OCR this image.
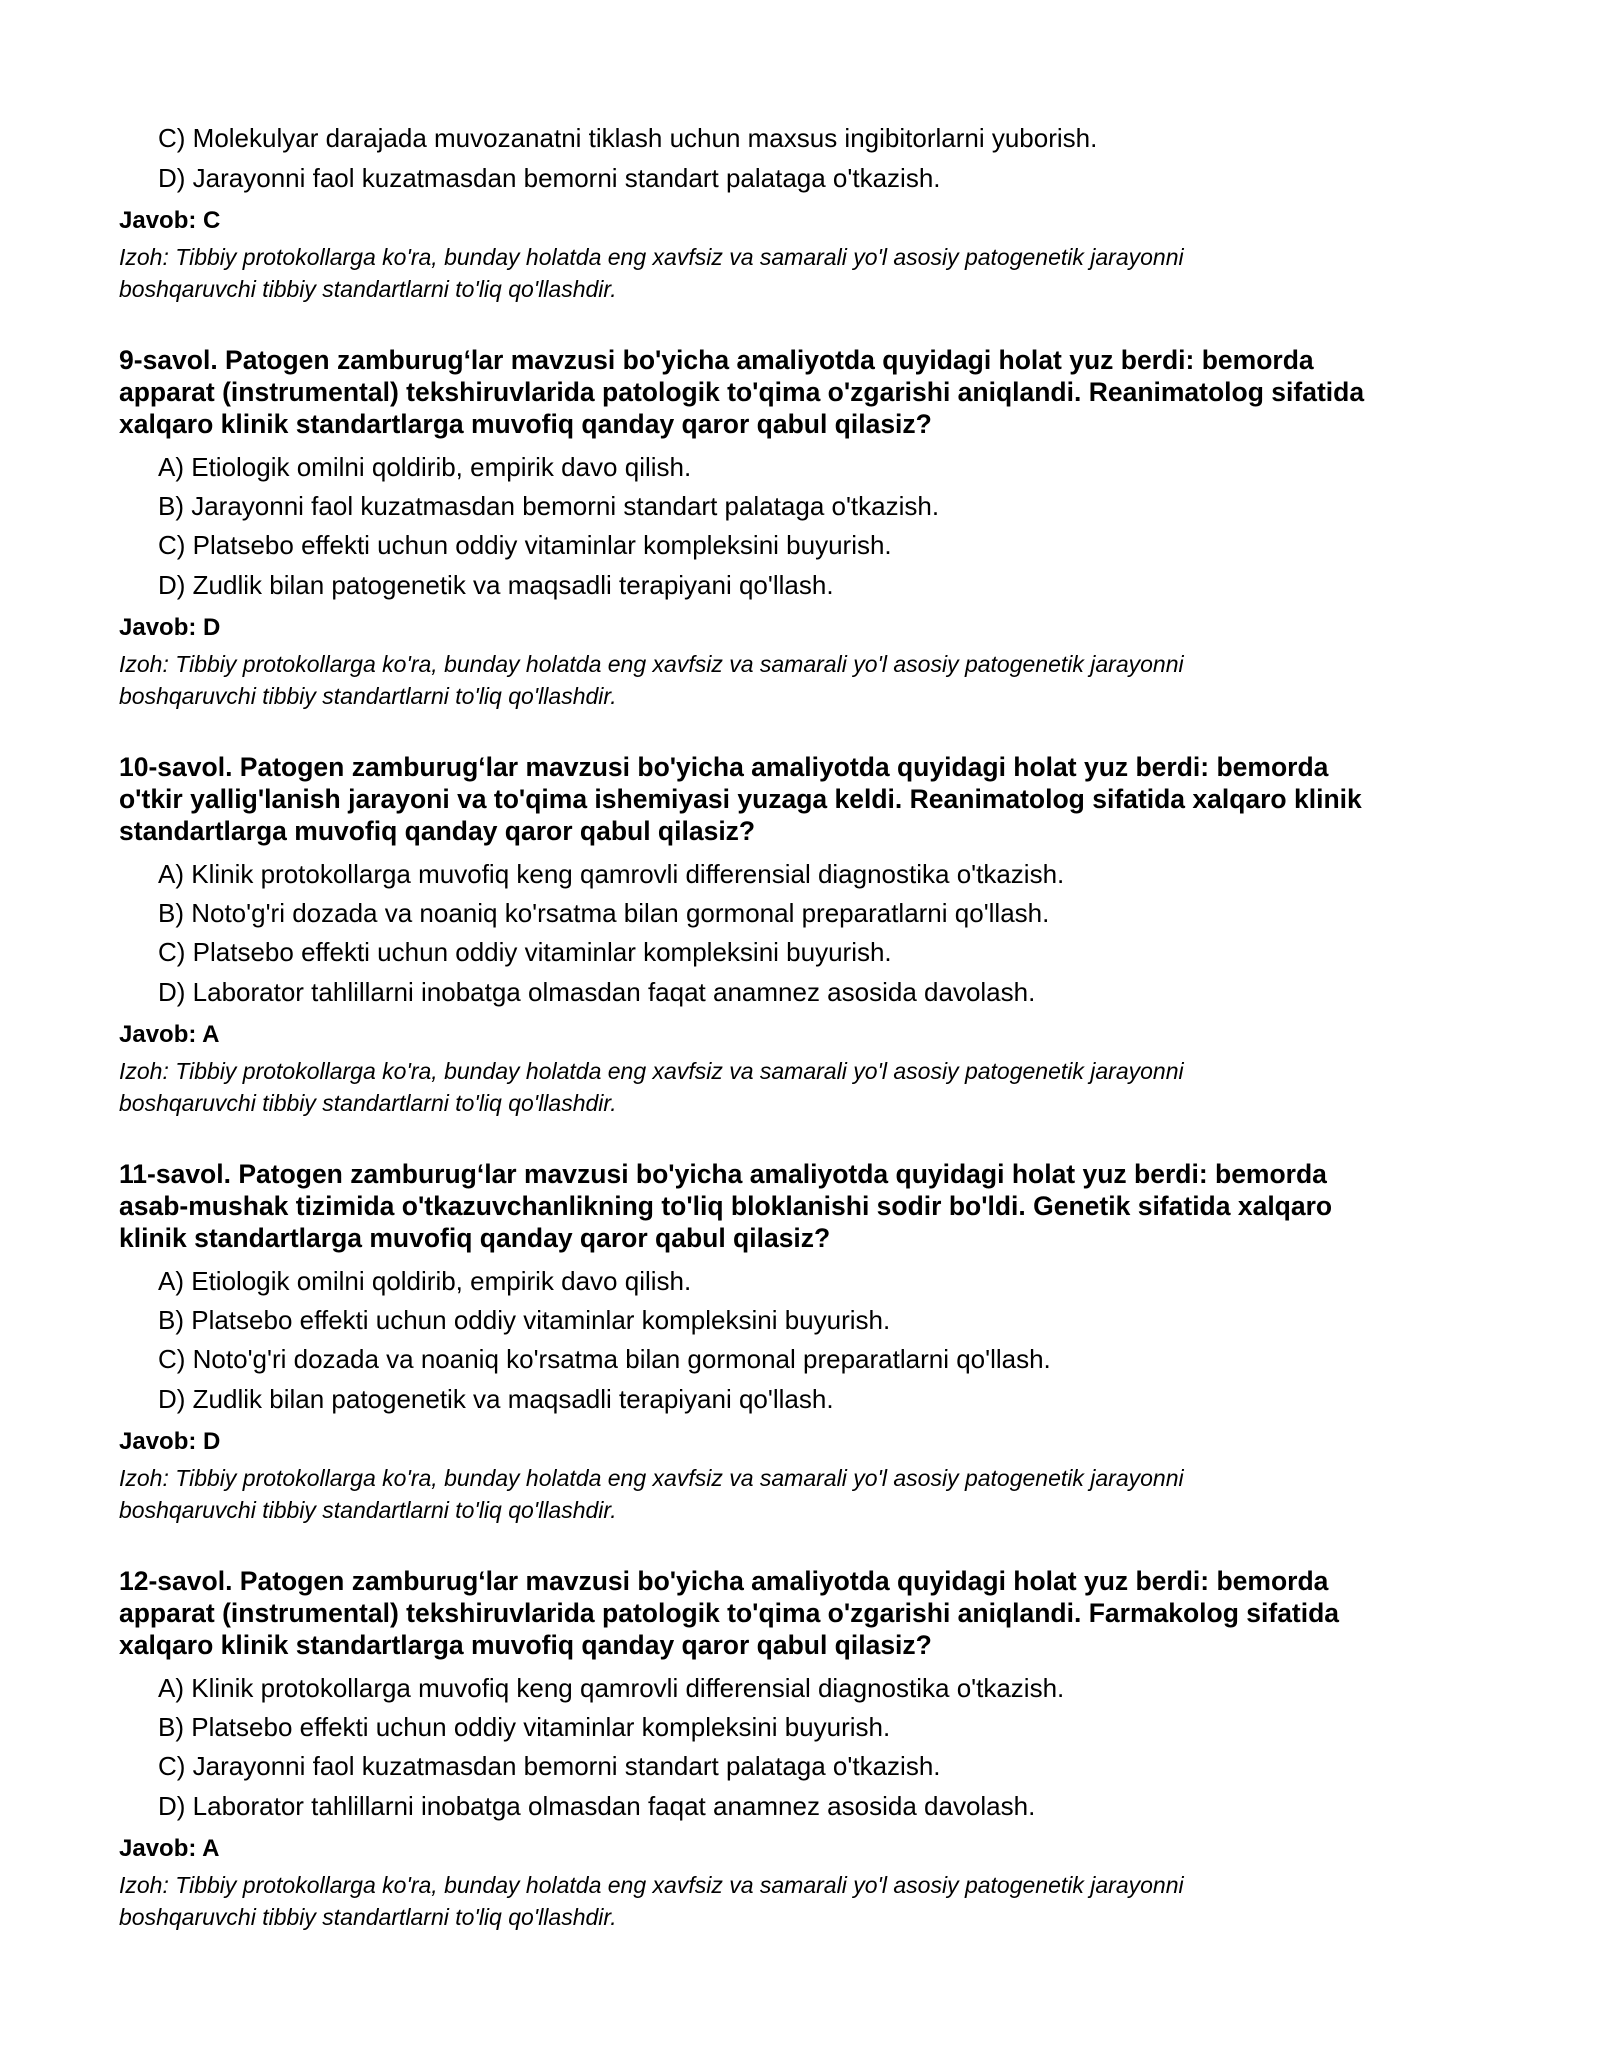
C) Molekulyar darajada muvozanatni tiklash uchun maxsus ingibitorlarni yuborish.
D) Jarayonni faol kuzatmasdan bemorni standart palataga o'tkazish.
Javob: C
Izoh: Tibbiy protokollarga ko'ra, bunday holatda eng xavfsiz va samarali yo'l asosiy patogenetik jarayonni
boshqaruvchi tibbiy standartlarni to'liq qo'llashdir.
9-savol. Patogen zamburug‘lar mavzusi bo'yicha amaliyotda quyidagi holat yuz berdi: bemorda
apparat (instrumental) tekshiruvlarida patologik to'qima o'zgarishi aniqlandi. Reanimatolog sifatida
xalqaro klinik standartlarga muvofiq qanday qaror qabul qilasiz?
A) Etiologik omilni qoldirib, empirik davo qilish.
B) Jarayonni faol kuzatmasdan bemorni standart palataga o'tkazish.
C) Platsebo effekti uchun oddiy vitaminlar kompleksini buyurish.
D) Zudlik bilan patogenetik va maqsadli terapiyani qo'llash.
Javob: D
Izoh: Tibbiy protokollarga ko'ra, bunday holatda eng xavfsiz va samarali yo'l asosiy patogenetik jarayonni
boshqaruvchi tibbiy standartlarni to'liq qo'llashdir.
10-savol. Patogen zamburug‘lar mavzusi bo'yicha amaliyotda quyidagi holat yuz berdi: bemorda
o'tkir yallig'lanish jarayoni va to'qima ishemiyasi yuzaga keldi. Reanimatolog sifatida xalqaro klinik
standartlarga muvofiq qanday qaror qabul qilasiz?
A) Klinik protokollarga muvofiq keng qamrovli differensial diagnostika o'tkazish.
B) Noto'g'ri dozada va noaniq ko'rsatma bilan gormonal preparatlarni qo'llash.
C) Platsebo effekti uchun oddiy vitaminlar kompleksini buyurish.
D) Laborator tahlillarni inobatga olmasdan faqat anamnez asosida davolash.
Javob: A
Izoh: Tibbiy protokollarga ko'ra, bunday holatda eng xavfsiz va samarali yo'l asosiy patogenetik jarayonni
boshqaruvchi tibbiy standartlarni to'liq qo'llashdir.
11-savol. Patogen zamburug‘lar mavzusi bo'yicha amaliyotda quyidagi holat yuz berdi: bemorda
asab-mushak tizimida o'tkazuvchanlikning to'liq bloklanishi sodir bo'ldi. Genetik sifatida xalqaro
klinik standartlarga muvofiq qanday qaror qabul qilasiz?
A) Etiologik omilni qoldirib, empirik davo qilish.
B) Platsebo effekti uchun oddiy vitaminlar kompleksini buyurish.
C) Noto'g'ri dozada va noaniq ko'rsatma bilan gormonal preparatlarni qo'llash.
D) Zudlik bilan patogenetik va maqsadli terapiyani qo'llash.
Javob: D
Izoh: Tibbiy protokollarga ko'ra, bunday holatda eng xavfsiz va samarali yo'l asosiy patogenetik jarayonni
boshqaruvchi tibbiy standartlarni to'liq qo'llashdir.
12-savol. Patogen zamburug‘lar mavzusi bo'yicha amaliyotda quyidagi holat yuz berdi: bemorda
apparat (instrumental) tekshiruvlarida patologik to'qima o'zgarishi aniqlandi. Farmakolog sifatida
xalqaro klinik standartlarga muvofiq qanday qaror qabul qilasiz?
A) Klinik protokollarga muvofiq keng qamrovli differensial diagnostika o'tkazish.
B) Platsebo effekti uchun oddiy vitaminlar kompleksini buyurish.
C) Jarayonni faol kuzatmasdan bemorni standart palataga o'tkazish.
D) Laborator tahlillarni inobatga olmasdan faqat anamnez asosida davolash.
Javob: A
Izoh: Tibbiy protokollarga ko'ra, bunday holatda eng xavfsiz va samarali yo'l asosiy patogenetik jarayonni
boshqaruvchi tibbiy standartlarni to'liq qo'llashdir.
